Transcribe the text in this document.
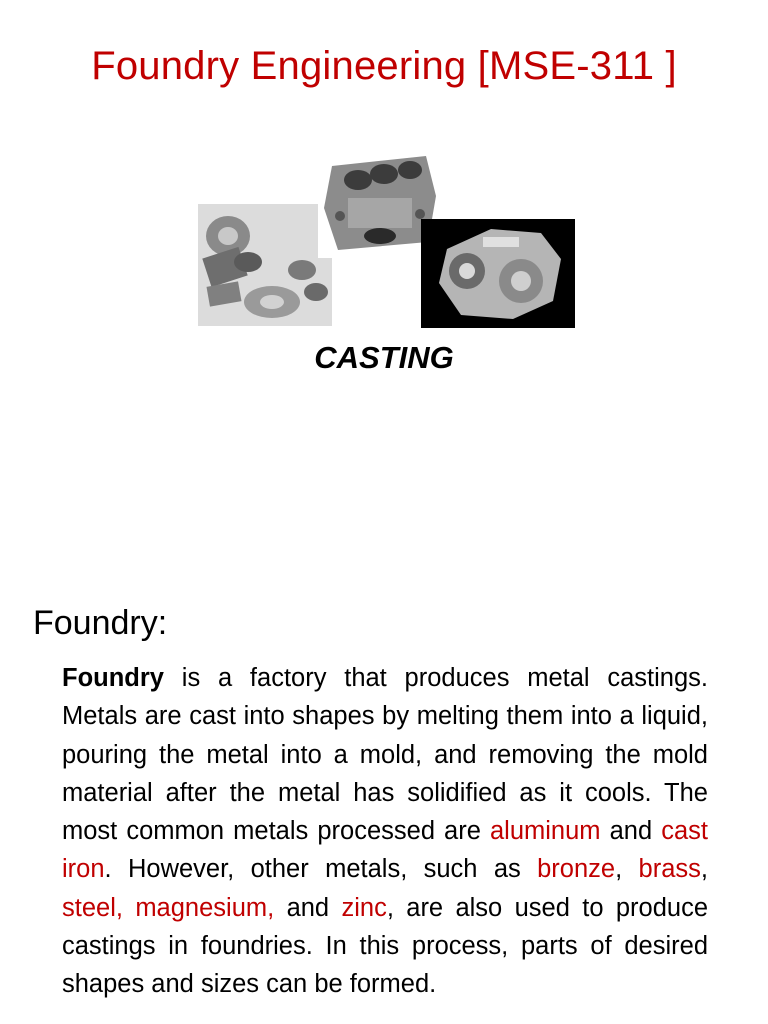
Foundry Engineering [MSE-311 ]
CASTING
Foundry:
Foundry is a factory that produces metal castings. Metals are cast into shapes by melting them into a liquid, pouring the metal into a mold, and removing the mold material after the metal has solidified as it cools. The most common metals processed are aluminum and cast iron. However, other metals, such as bronze, brass, steel, magnesium, and zinc, are also used to produce castings in foundries. In this process, parts of desired shapes and sizes can be formed.
